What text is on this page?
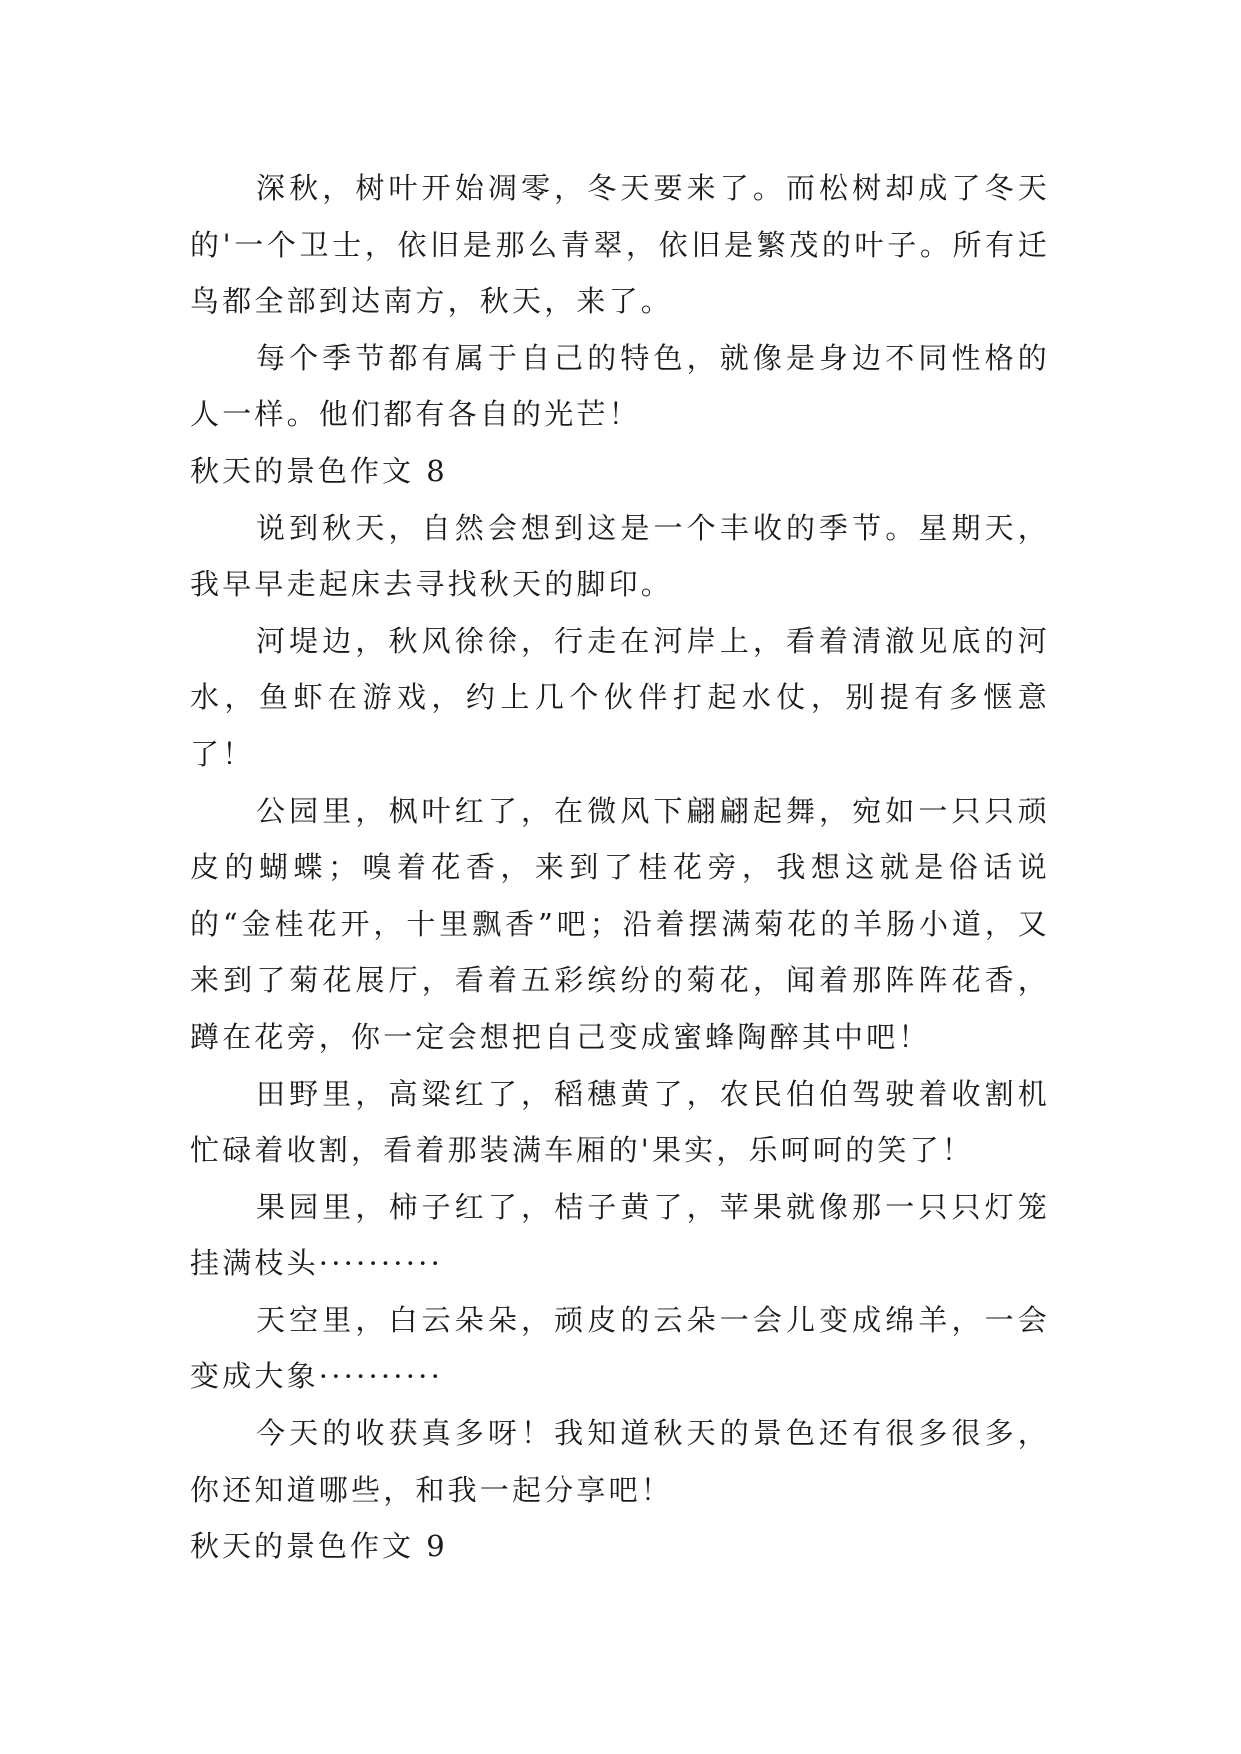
深秋，树叶开始凋零，冬天要来了。而松树却成了冬天的'一个卫士，依旧是那么青翠，依旧是繁茂的叶子。所有迁鸟都全部到达南方，秋天，来了。

每个季节都有属于自己的特色，就像是身边不同性格的人一样。他们都有各自的光芒！

秋天的景色作文 8

说到秋天，自然会想到这是一个丰收的季节。星期天，我早早走起床去寻找秋天的脚印。

河堤边，秋风徐徐，行走在河岸上，看着清澈见底的河水，鱼虾在游戏，约上几个伙伴打起水仗，别提有多惬意了！

公园里，枫叶红了，在微风下翩翩起舞，宛如一只只顽皮的蝴蝶；嗅着花香，来到了桂花旁，我想这就是俗话说的“金桂花开，十里飘香”吧；沿着摆满菊花的羊肠小道，又来到了菊花展厅，看着五彩缤纷的菊花，闻着那阵阵花香，蹲在花旁，你一定会想把自己变成蜜蜂陶醉其中吧！

田野里，高粱红了，稻穗黄了，农民伯伯驾驶着收割机忙碌着收割，看着那装满车厢的'果实，乐呵呵的笑了！

果园里，柿子红了，桔子黄了，苹果就像那一只只灯笼挂满枝头··········

天空里，白云朵朵，顽皮的云朵一会儿变成绵羊，一会变成大象··········

今天的收获真多呀！我知道秋天的景色还有很多很多，你还知道哪些，和我一起分享吧！

秋天的景色作文 9
